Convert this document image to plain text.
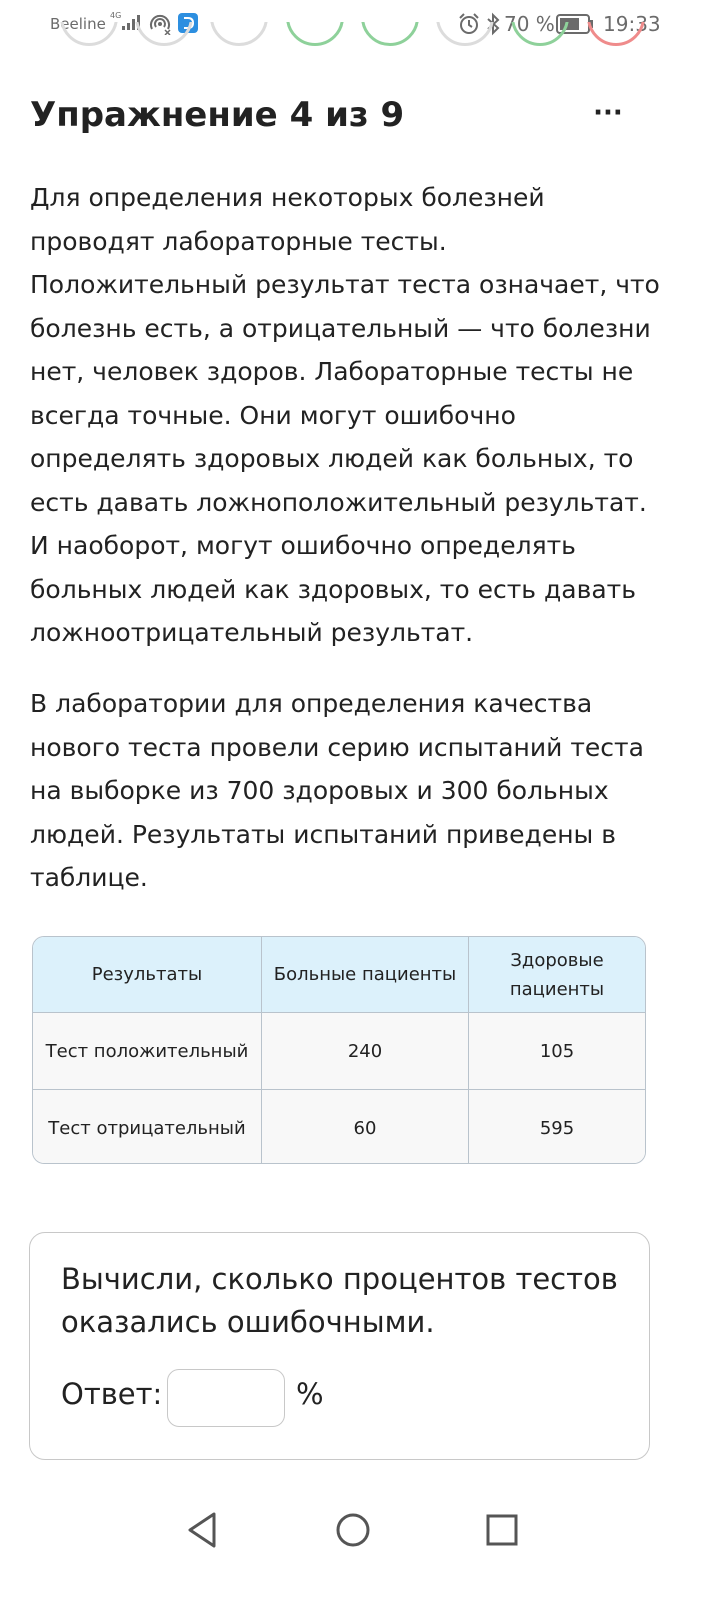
Beeline 4G	70 % 19:33
Упражнение 4 из 9	···

Для определения некоторых болезней проводят лабораторные тесты. Положительный результат теста означает, что болезнь есть, а отрицательный — что болезни нет, человек здоров. Лабораторные тесты не всегда точные. Они могут ошибочно определять здоровых людей как больных, то есть давать ложноположительный результат. И наоборот, могут ошибочно определять больных людей как здоровых, то есть давать ложноотрицательный результат.

В лаборатории для определения качества нового теста провели серию испытаний теста на выборке из 700 здоровых и 300 больных людей. Результаты испытаний приведены в таблице.

Результаты	Больные пациенты	Здоровые пациенты
Тест положительный	240	105
Тест отрицательный	60	595

Вычисли, сколько процентов тестов оказались ошибочными.

Ответ:	%
